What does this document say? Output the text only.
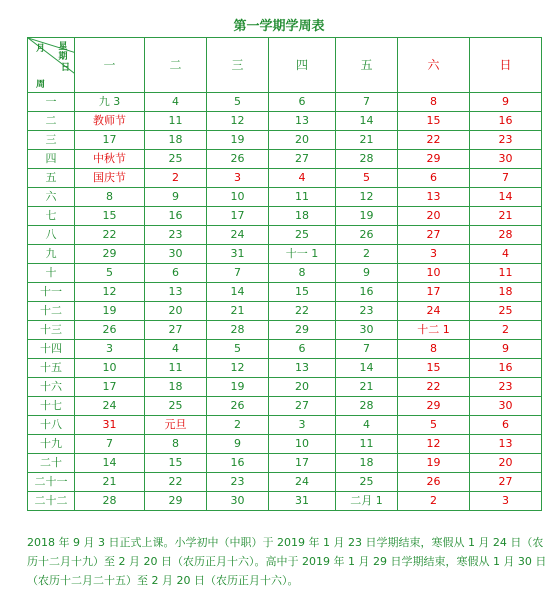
第一学期学周表
月 星期
日
周	一	二	三	四	五	六	日
一	九 3	4	5	6	7	8	9
二	教师节	11	12	13	14	15	16
三	17	18	19	20	21	22	23
四	中秋节	25	26	27	28	29	30
五	国庆节	2	3	4	5	6	7
六	8	9	10	11	12	13	14
七	15	16	17	18	19	20	21
八	22	23	24	25	26	27	28
九	29	30	31	十一 1	2	3	4
十	5	6	7	8	9	10	11
十一	12	13	14	15	16	17	18
十二	19	20	21	22	23	24	25
十三	26	27	28	29	30	十二 1	2
十四	3	4	5	6	7	8	9
十五	10	11	12	13	14	15	16
十六	17	18	19	20	21	22	23
十七	24	25	26	27	28	29	30
十八	31	元旦	2	3	4	5	6
十九	7	8	9	10	11	12	13
二十	14	15	16	17	18	19	20
二十一	21	22	23	24	25	26	27
二十二	28	29	30	31	二月 1	2	3
2018 年 9 月 3 日正式上课。小学初中（中职）于 2019 年 1 月 23 日学期结束，寒假从 1 月 24 日（农历十二月十九）至 2 月 20 日（农历正月十六）。高中于 2019 年 1 月 29 日学期结束，寒假从 1 月 30 日（农历十二月二十五）至 2 月 20 日（农历正月十六）。
